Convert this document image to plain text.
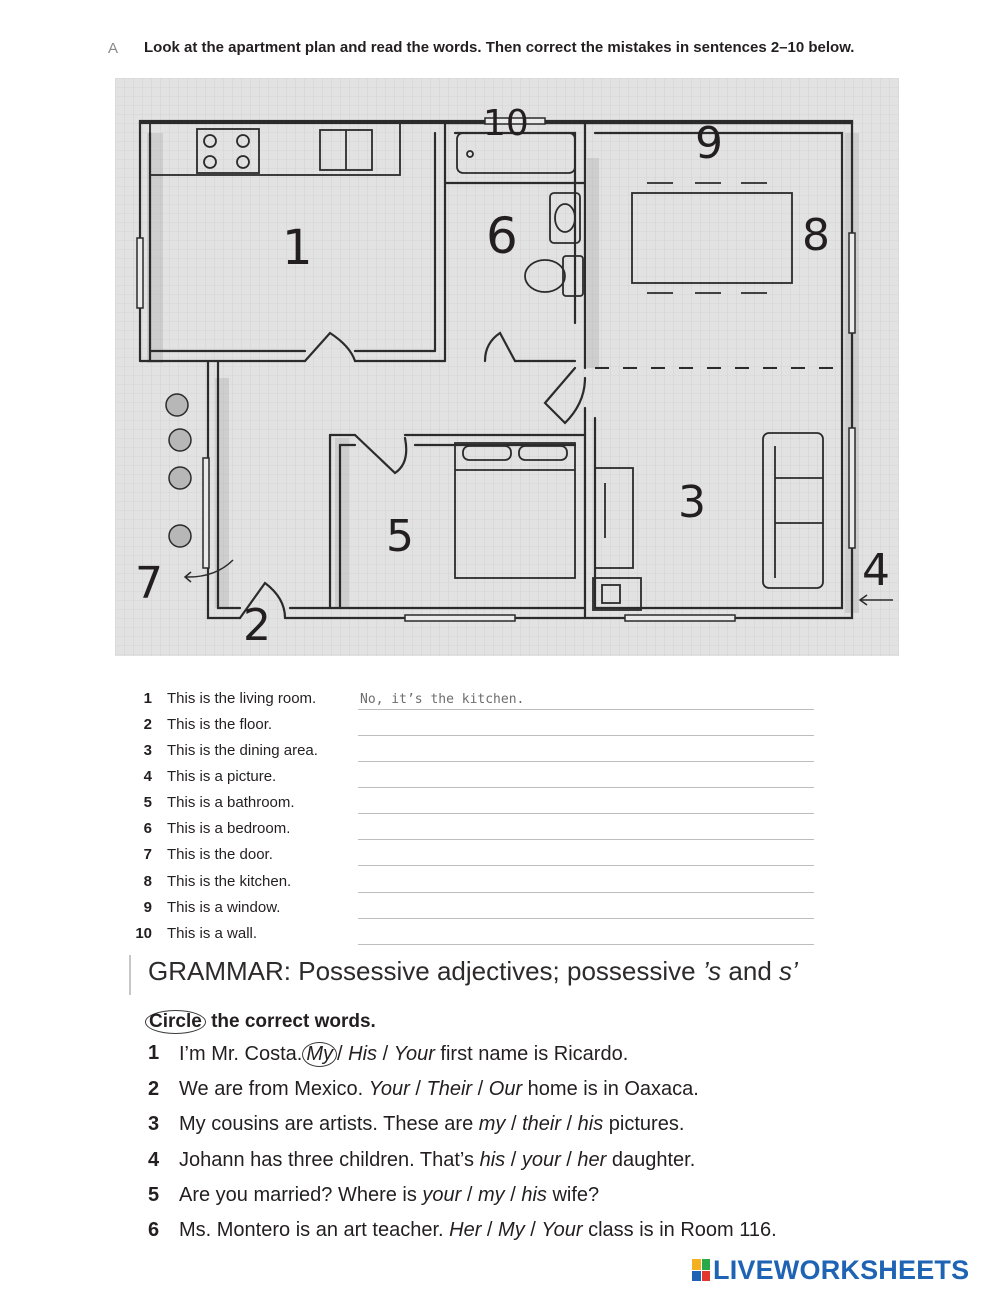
A Look at the apartment plan and read the words. Then correct the mistakes in sentences 2–10 below.
1
2
3
4
5
6
7
8
9
10
1 This is the living room.	No, it’s the kitchen.
2 This is the floor.
3 This is the dining area.
4 This is a picture.
5 This is a bathroom.
6 This is a bedroom.
7 This is the door.
8 This is the kitchen.
9 This is a window.
10 This is a wall.
GRAMMAR: Possessive adjectives; possessive ’s and s’
Circle the correct words.
1 I’m Mr. Costa. My / His / Your first name is Ricardo.
2 We are from Mexico. Your / Their / Our home is in Oaxaca.
3 My cousins are artists. These are my / their / his pictures.
4 Johann has three children. That’s his / your / her daughter.
5 Are you married? Where is your / my / his wife?
6 Ms. Montero is an art teacher. Her / My / Your class is in Room 116.
LIVEWORKSHEETS
